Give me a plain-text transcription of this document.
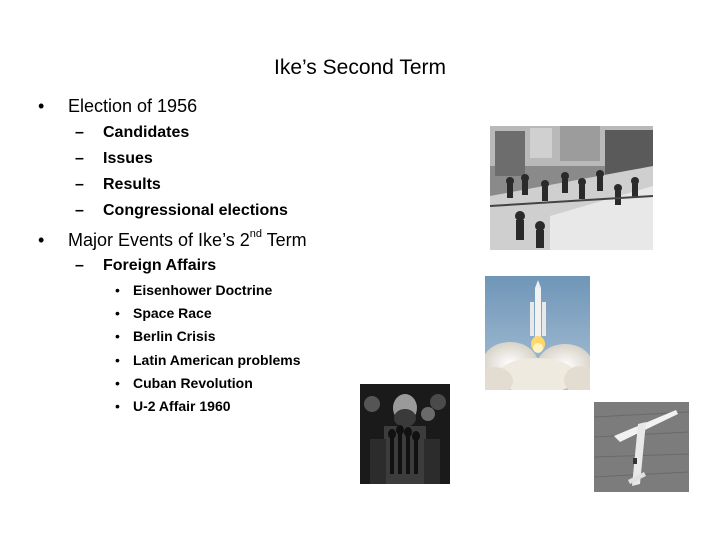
Ike’s Second Term
• Election of 1956
– Candidates
– Issues
– Results
– Congressional elections
• Major Events of Ike’s 2nd Term
– Foreign Affairs
• Eisenhower Doctrine
• Space Race
• Berlin Crisis
• Latin American problems
• Cuban Revolution
• U-2 Affair 1960
